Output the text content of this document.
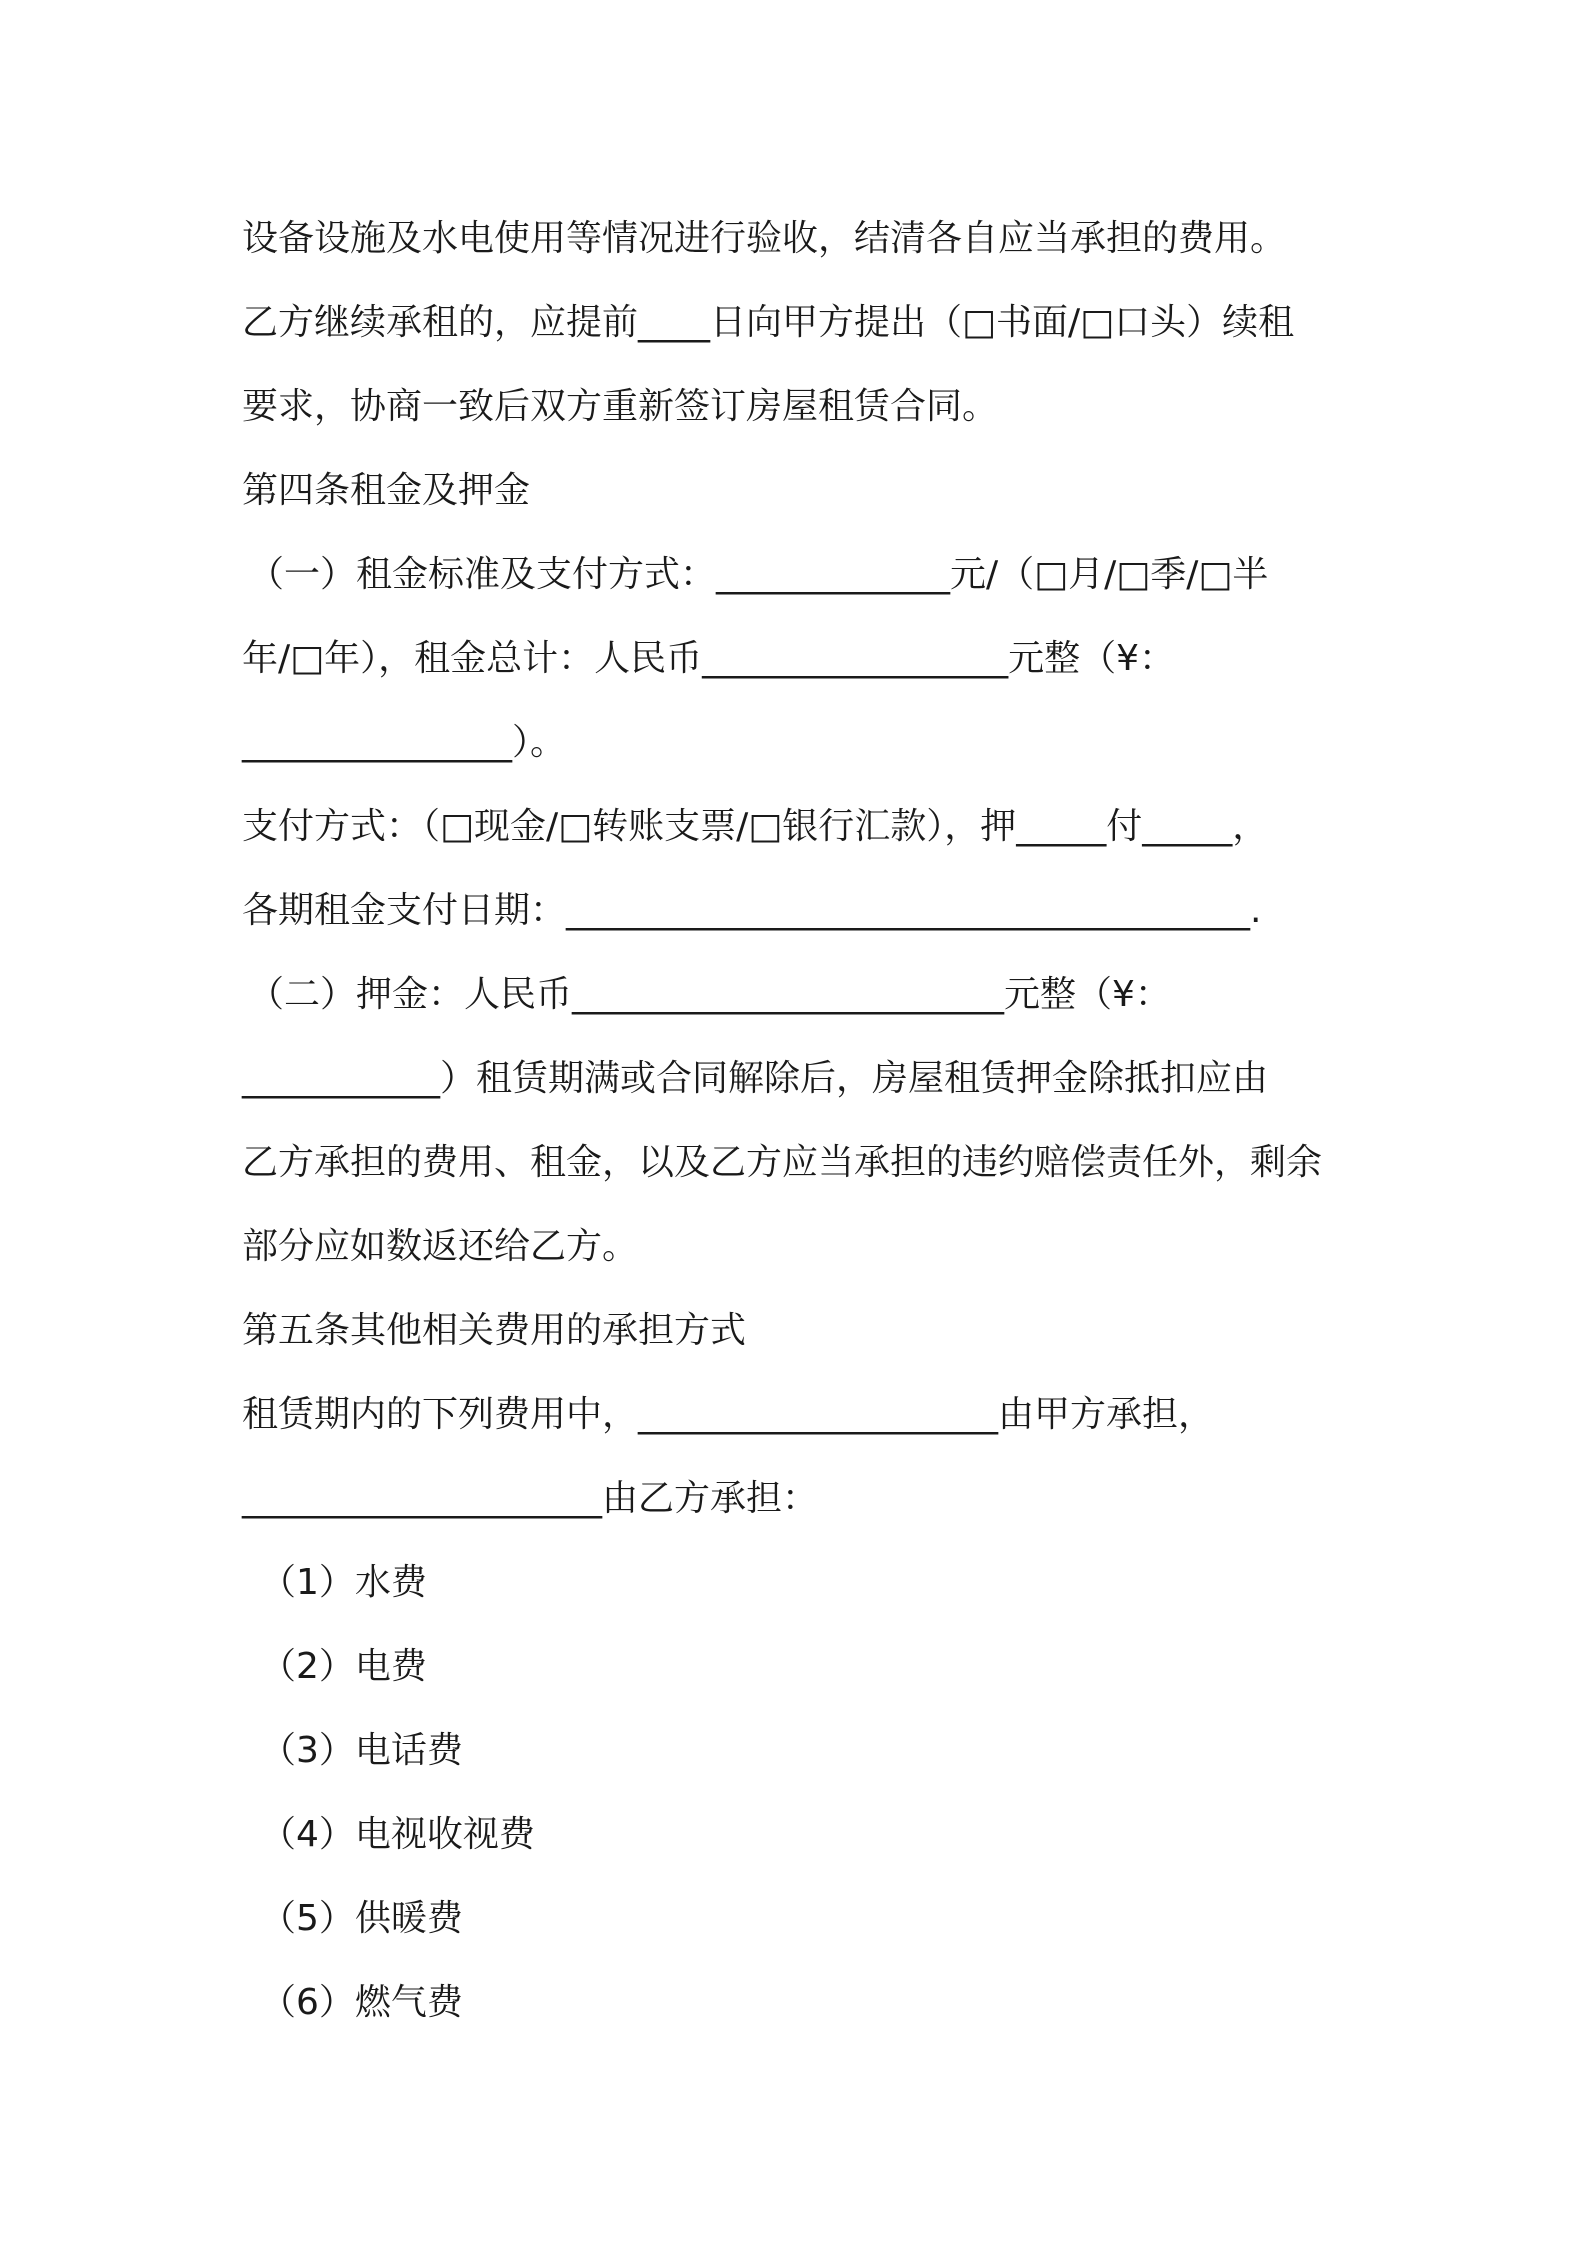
设备设施及水电使用等情况进行验收，结清各自应当承担的费用。
乙方继续承租的，应提前____日向甲方提出（□书面/□口头）续租
要求，协商一致后双方重新签订房屋租赁合同。
第四条租金及押金
（一）租金标准及支付方式：_____________元/（□月/□季/□半
年/□年），租金总计：人民币_________________元整（¥：
_______________）。
支付方式：（□现金/□转账支票/□银行汇款），押_____付_____，
各期租金支付日期：______________________________________.
（二）押金：人民币________________________元整（¥：
___________）租赁期满或合同解除后，房屋租赁押金除抵扣应由
乙方承担的费用、租金，以及乙方应当承担的违约赔偿责任外，剩余
部分应如数返还给乙方。
第五条其他相关费用的承担方式
租赁期内的下列费用中，____________________由甲方承担，
____________________由乙方承担：
（1）水费
（2）电费
（3）电话费
（4）电视收视费
（5）供暖费
（6）燃气费
